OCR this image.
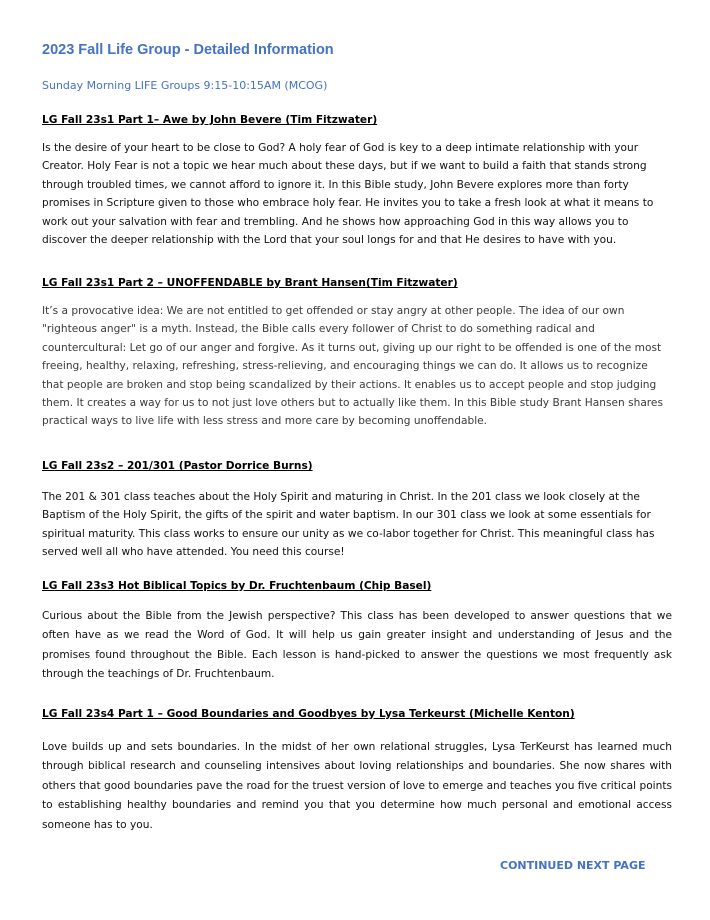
2023 Fall Life Group - Detailed Information

Sunday Morning LIFE Groups 9:15-10:15AM (MCOG)

LG Fall 23s1 Part 1– Awe by John Bevere (Tim Fitzwater)

Is the desire of your heart to be close to God? A holy fear of God is key to a deep intimate relationship with your Creator. Holy Fear is not a topic we hear much about these days, but if we want to build a faith that stands strong through troubled times, we cannot afford to ignore it. In this Bible study, John Bevere explores more than forty promises in Scripture given to those who embrace holy fear. He invites you to take a fresh look at what it means to work out your salvation with fear and trembling. And he shows how approaching God in this way allows you to discover the deeper relationship with the Lord that your soul longs for and that He desires to have with you.

LG Fall 23s1 Part 2 – UNOFFENDABLE by Brant Hansen(Tim Fitzwater)

It’s a provocative idea: We are not entitled to get offended or stay angry at other people. The idea of our own "righteous anger" is a myth. Instead, the Bible calls every follower of Christ to do something radical and countercultural: Let go of our anger and forgive. As it turns out, giving up our right to be offended is one of the most freeing, healthy, relaxing, refreshing, stress-relieving, and encouraging things we can do. It allows us to recognize that people are broken and stop being scandalized by their actions. It enables us to accept people and stop judging them. It creates a way for us to not just love others but to actually like them. In this Bible study Brant Hansen shares practical ways to live life with less stress and more care by becoming unoffendable.

LG Fall 23s2 – 201/301 (Pastor Dorrice Burns)

The 201 & 301 class teaches about the Holy Spirit and maturing in Christ. In the 201 class we look closely at the Baptism of the Holy Spirit, the gifts of the spirit and water baptism. In our 301 class we look at some essentials for spiritual maturity. This class works to ensure our unity as we co-labor together for Christ. This meaningful class has served well all who have attended. You need this course!

LG Fall 23s3 Hot Biblical Topics by Dr. Fruchtenbaum (Chip Basel)

Curious about the Bible from the Jewish perspective? This class has been developed to answer questions that we often have as we read the Word of God. It will help us gain greater insight and understanding of Jesus and the promises found throughout the Bible. Each lesson is hand-picked to answer the questions we most frequently ask through the teachings of Dr. Fruchtenbaum.

LG Fall 23s4 Part 1 – Good Boundaries and Goodbyes by Lysa Terkeurst (Michelle Kenton)

Love builds up and sets boundaries. In the midst of her own relational struggles, Lysa TerKeurst has learned much through biblical research and counseling intensives about loving relationships and boundaries. She now shares with others that good boundaries pave the road for the truest version of love to emerge and teaches you five critical points to establishing healthy boundaries and remind you that you determine how much personal and emotional access someone has to you.

CONTINUED NEXT PAGE
